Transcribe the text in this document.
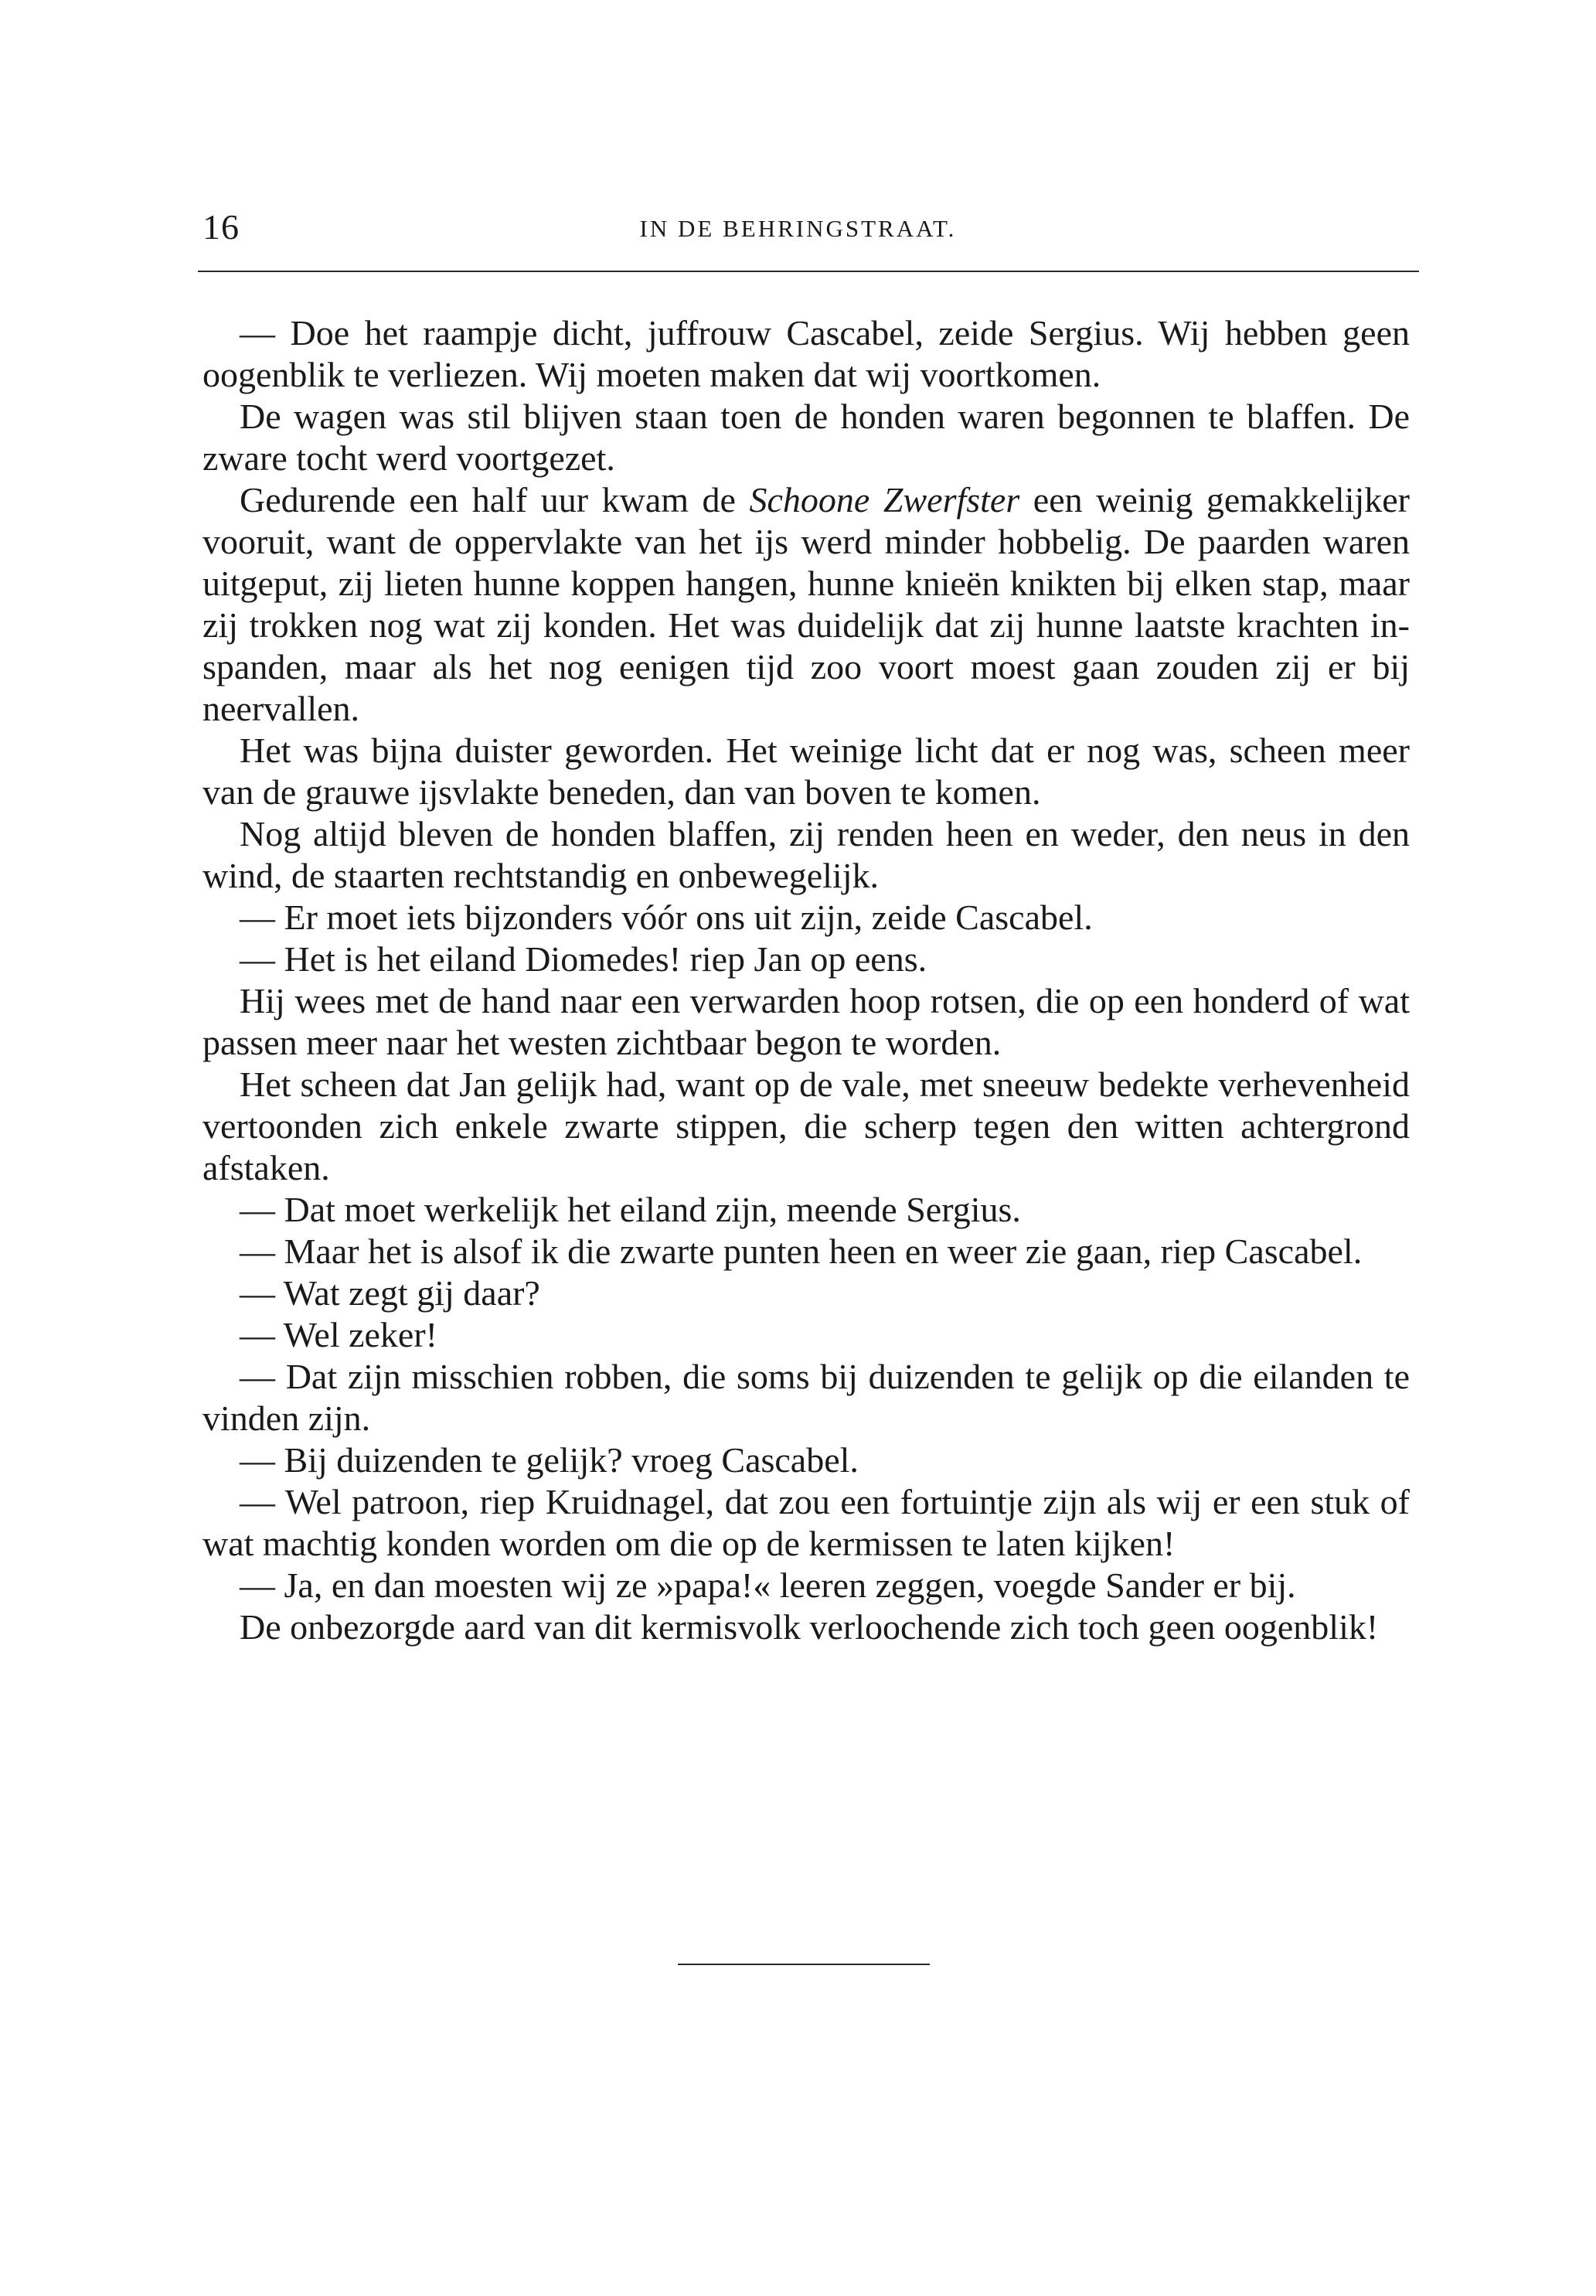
16	IN DE BEHRINGSTRAAT.

— Doe het raampje dicht, juffrouw Cascabel, zeide Sergius. Wij hebben geen oogenblik te verliezen. Wij moeten maken dat wij voortkomen.

De wagen was stil blijven staan toen de honden waren begonnen te blaffen. De zware tocht werd voortgezet.

Gedurende een half uur kwam de Schoone Zwerfster een weinig gemakkelijker vooruit, want de oppervlakte van het ijs werd minder hobbelig. De paarden waren uitgeput, zij lieten hunne koppen hangen, hunne knieën knikten bij elken stap, maar zij trokken nog wat zij konden. Het was duidelijk dat zij hunne laatste krachten inspanden, maar als het nog eenigen tijd zoo voort moest gaan zouden zij er bij neervallen.

Het was bijna duister geworden. Het weinige licht dat er nog was, scheen meer van de grauwe ijsvlakte beneden, dan van boven te komen.

Nog altijd bleven de honden blaffen, zij renden heen en weder, den neus in den wind, de staarten rechtstandig en onbewegelijk.

— Er moet iets bijzonders vóór ons uit zijn, zeide Cascabel.

— Het is het eiland Diomedes! riep Jan op eens.

Hij wees met de hand naar een verwarden hoop rotsen, die op een honderd of wat passen meer naar het westen zichtbaar begon te worden.

Het scheen dat Jan gelijk had, want op de vale, met sneeuw bedekte verhevenheid vertoonden zich enkele zwarte stippen, die scherp tegen den witten achtergrond afstaken.

— Dat moet werkelijk het eiland zijn, meende Sergius.

— Maar het is alsof ik die zwarte punten heen en weer zie gaan, riep Cascabel.

— Wat zegt gij daar?

— Wel zeker!

— Dat zijn misschien robben, die soms bij duizenden te gelijk op die eilanden te vinden zijn.

— Bij duizenden te gelijk? vroeg Cascabel.

— Wel patroon, riep Kruidnagel, dat zou een fortuintje zijn als wij er een stuk of wat machtig konden worden om die op de kermissen te laten kijken!

— Ja, en dan moesten wij ze »papa!« leeren zeggen, voegde Sander er bij.

De onbezorgde aard van dit kermisvolk verloochende zich toch geen oogenblik!
